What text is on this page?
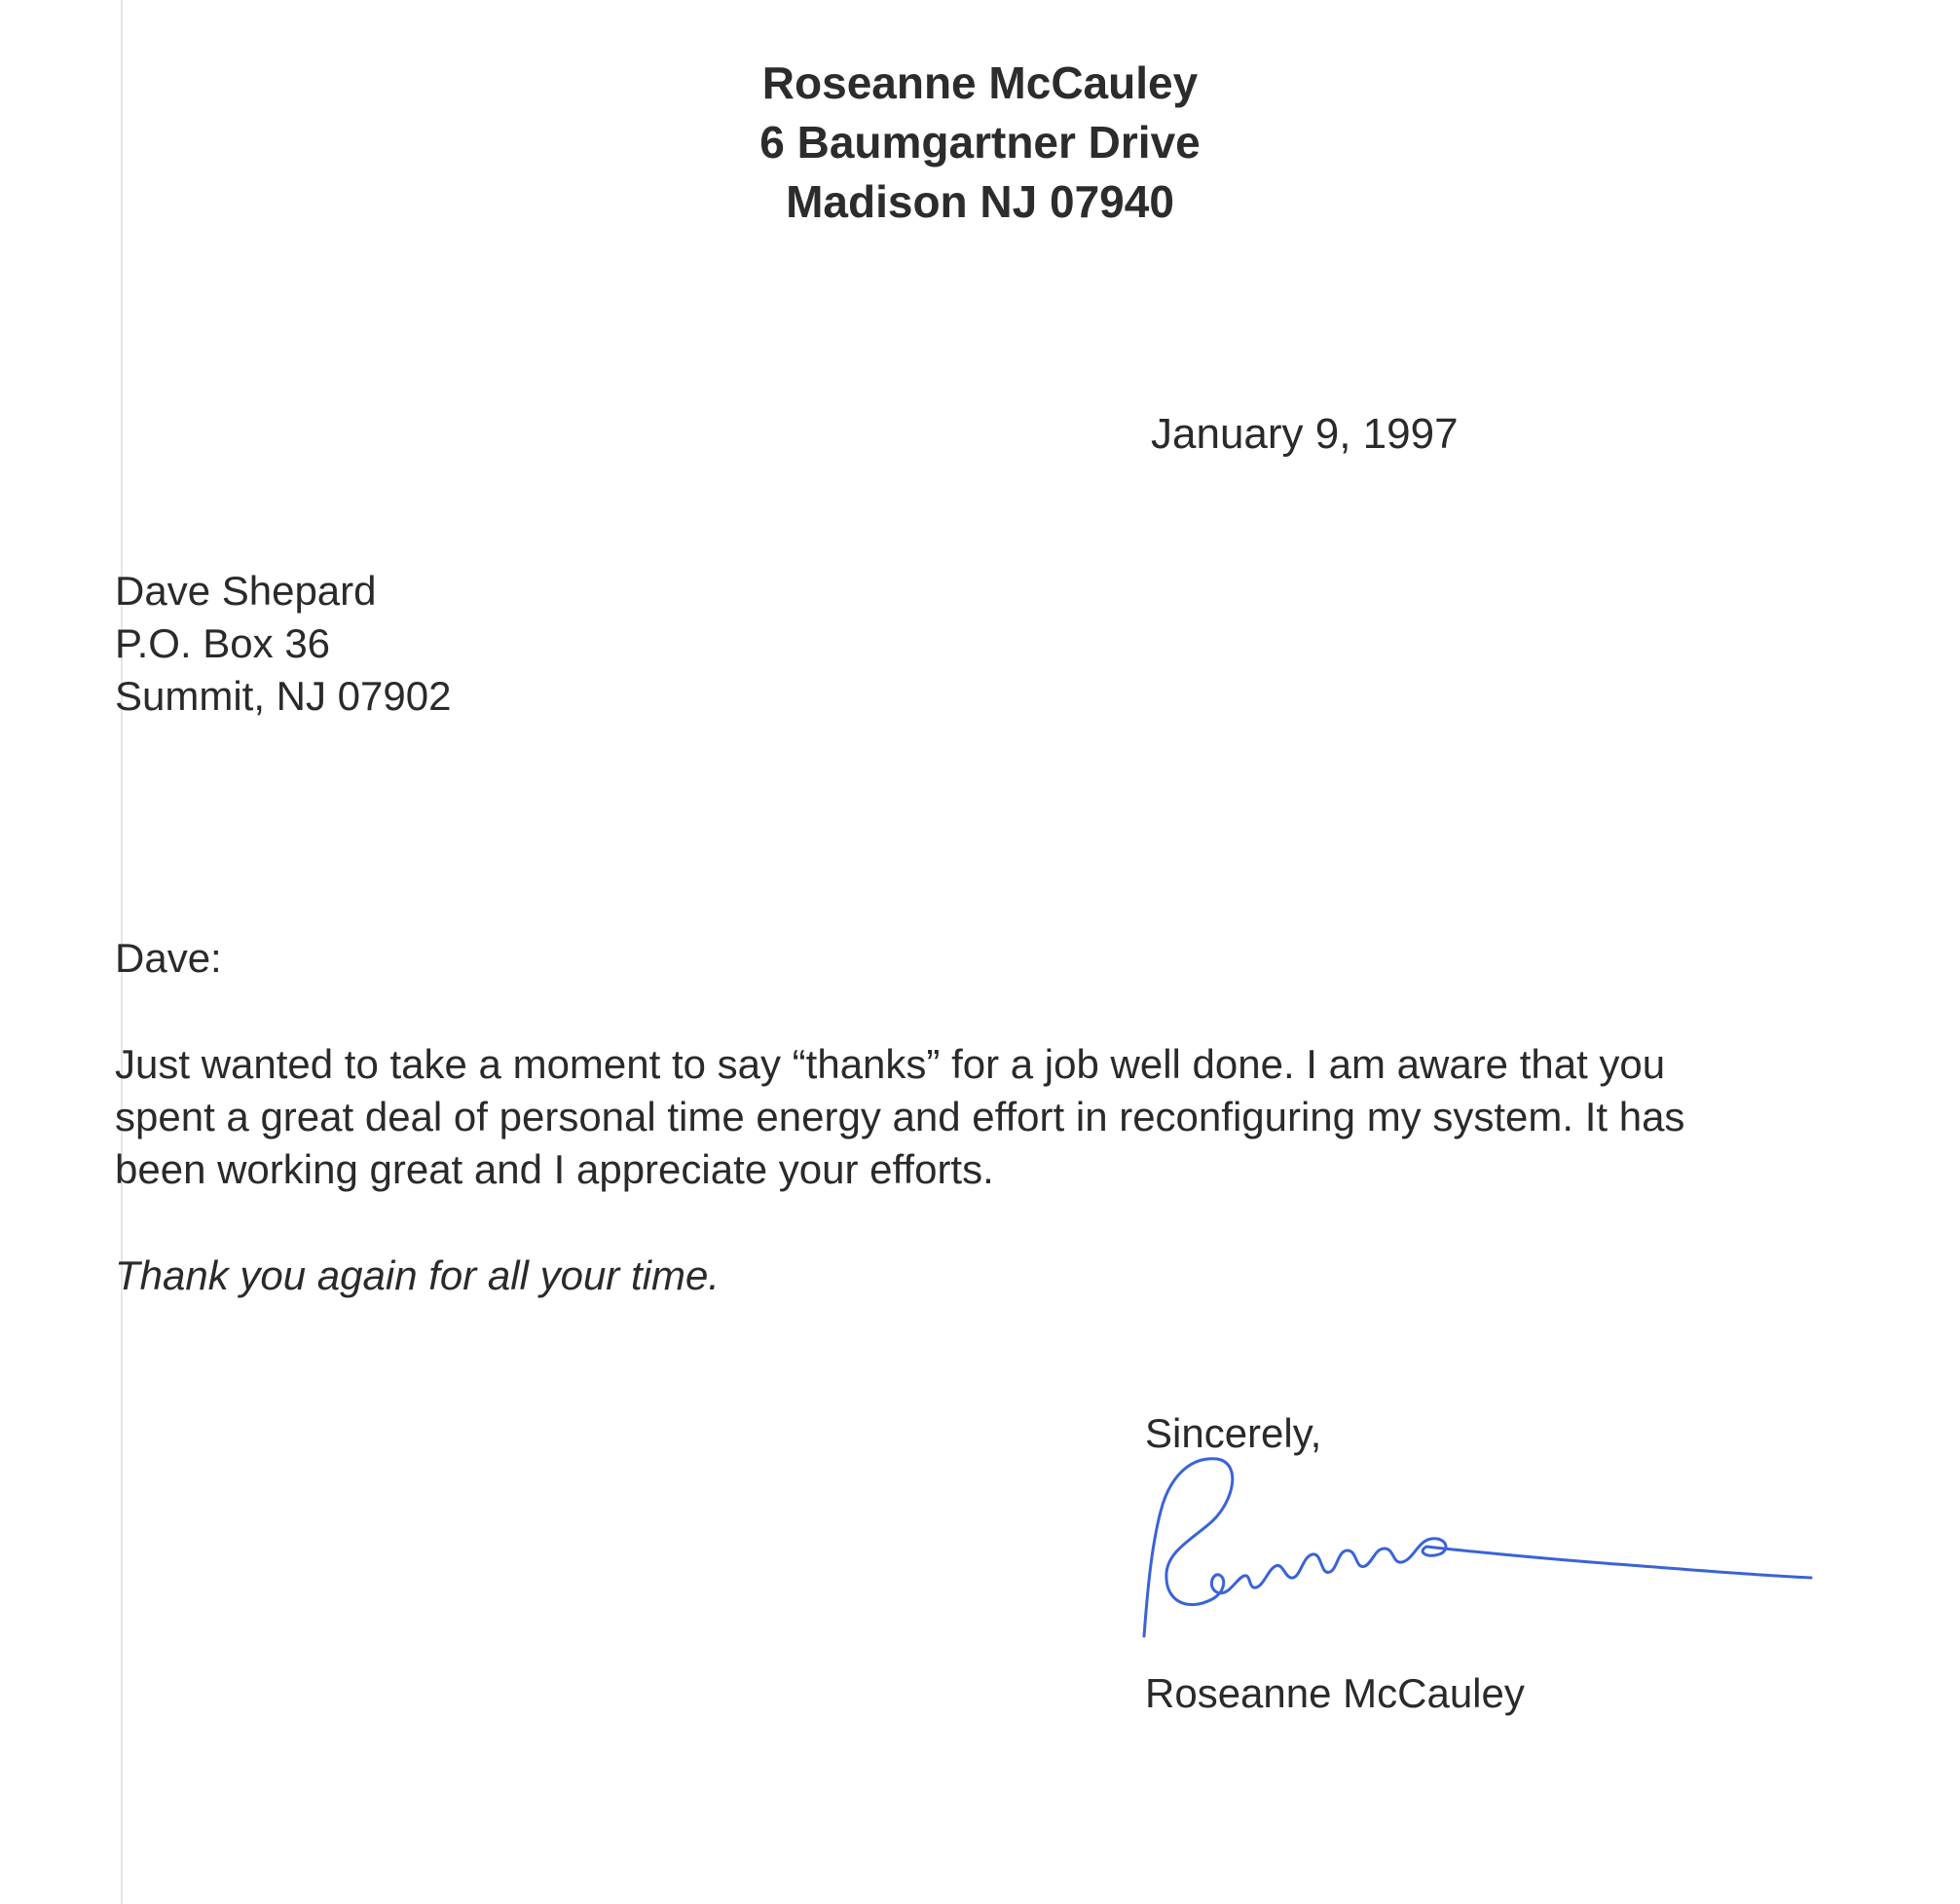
Roseanne McCauley
6 Baumgartner Drive
Madison NJ 07940
January 9, 1997
Dave Shepard
P.O. Box 36
Summit, NJ 07902
Dave:
Just wanted to take a moment to say “thanks” for a job well done. I am aware that you
spent a great deal of personal time energy and effort in reconfiguring my system. It has
been working great and I appreciate your efforts.
Thank you again for all your time.
Sincerely,
Roseanne McCauley
